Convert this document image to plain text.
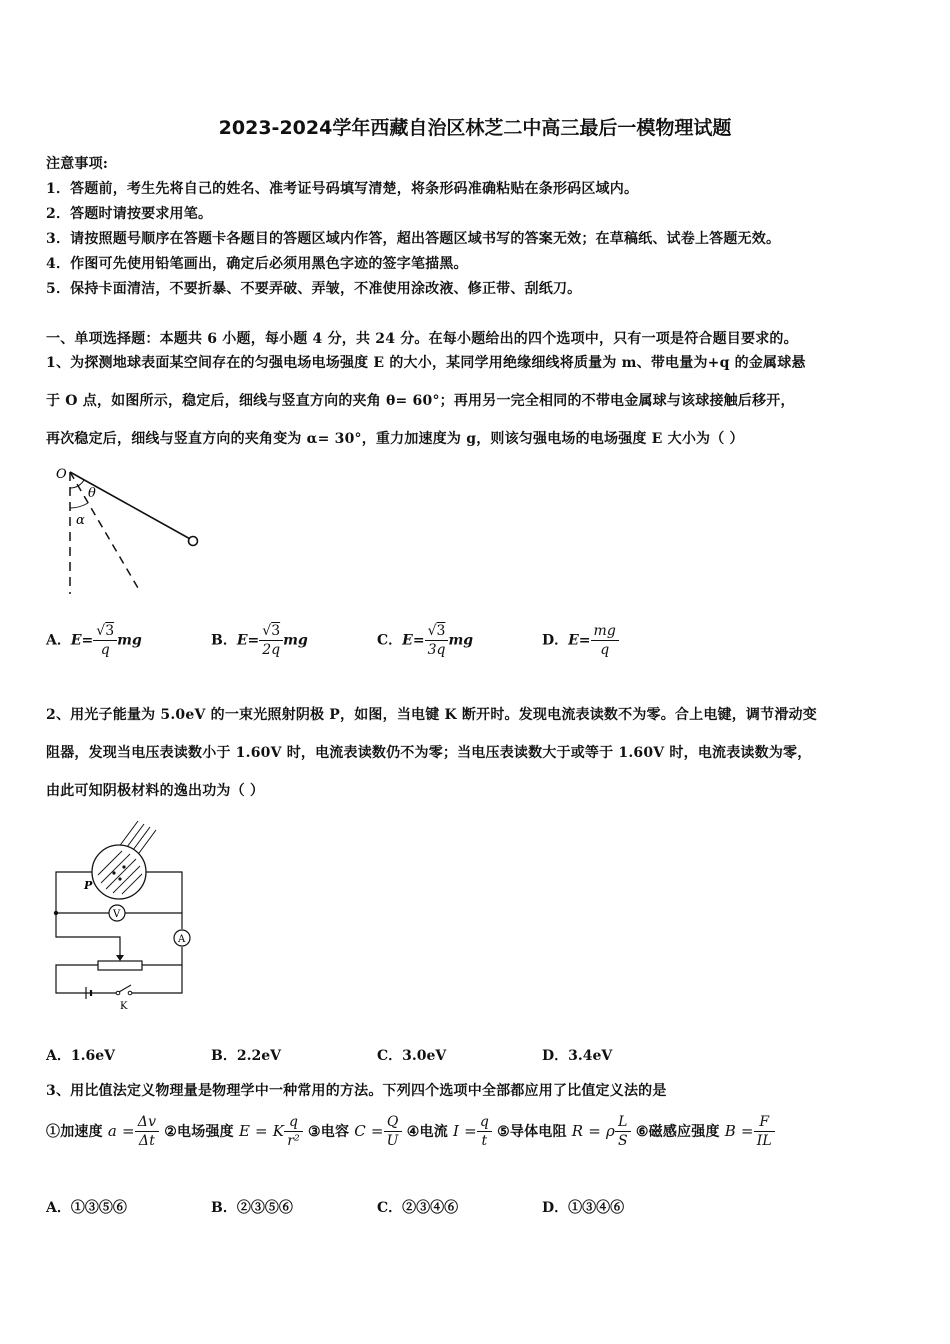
2023-2024学年西藏自治区林芝二中高三最后一模物理试题
注意事项:
1．答题前，考生先将自己的姓名、准考证号码填写清楚，将条形码准确粘贴在条形码区域内。
2．答题时请按要求用笔。
3．请按照题号顺序在答题卡各题目的答题区域内作答，超出答题区域书写的答案无效；在草稿纸、试卷上答题无效。
4．作图可先使用铅笔画出，确定后必须用黑色字迹的签字笔描黑。
5．保持卡面清洁，不要折暴、不要弄破、弄皱，不准使用涂改液、修正带、刮纸刀。
一、单项选择题：本题共 6 小题，每小题 4 分，共 24 分。在每小题给出的四个选项中，只有一项是符合题目要求的。
1、为探测地球表面某空间存在的匀强电场电场强度 E 的大小，某同学用绝缘细线将质量为 m、带电量为+q 的金属球悬
于 O 点，如图所示，稳定后，细线与竖直方向的夹角 θ= 60°；再用另一完全相同的不带电金属球与该球接触后移开，
再次稳定后，细线与竖直方向的夹角变为 α= 30°，重力加速度为 g，则该匀强电场的电场强度 E 大小为（ ）
O
θ
α
A．$E= \frac{√3}{q}$ mg	B．$E= \frac{√3}{2q}$ mg	C．$E= \frac{√3}{3q}$ mg	D．$E= \frac{mg}{q}$
2、用光子能量为 5.0eV 的一束光照射阴极 P，如图，当电键 K 断开时。发现电流表读数不为零。合上电键，调节滑动变
阻器，发现当电压表读数小于 1.60V 时，电流表读数仍不为零；当电压表读数大于或等于 1.60V 时，电流表读数为零，
由此可知阴极材料的逸出功为（ ）
V
A
P
K
A．1.6eV	B．2.2eV	C．3.0eV	D．3.4eV
3、用比值法定义物理量是物理学中一种常用的方法。下列四个选项中全部都应用了比值定义法的是
①加速度 $a = \frac{\Delta v}{\Delta t}$ ②电场强度 E = K $\frac{q}{\text{r²}}$ ③电容 $C = \frac{Q}{U}$ ④电流 $I = \frac{q}{t}$ ⑤导体电阻 R = ρ $\frac{L}{S}$ ⑥磁感应强度 $B = \frac{F}{IL}$
A．①③⑤⑥	B．②③⑤⑥	C．②③④⑥	D．①③④⑥
